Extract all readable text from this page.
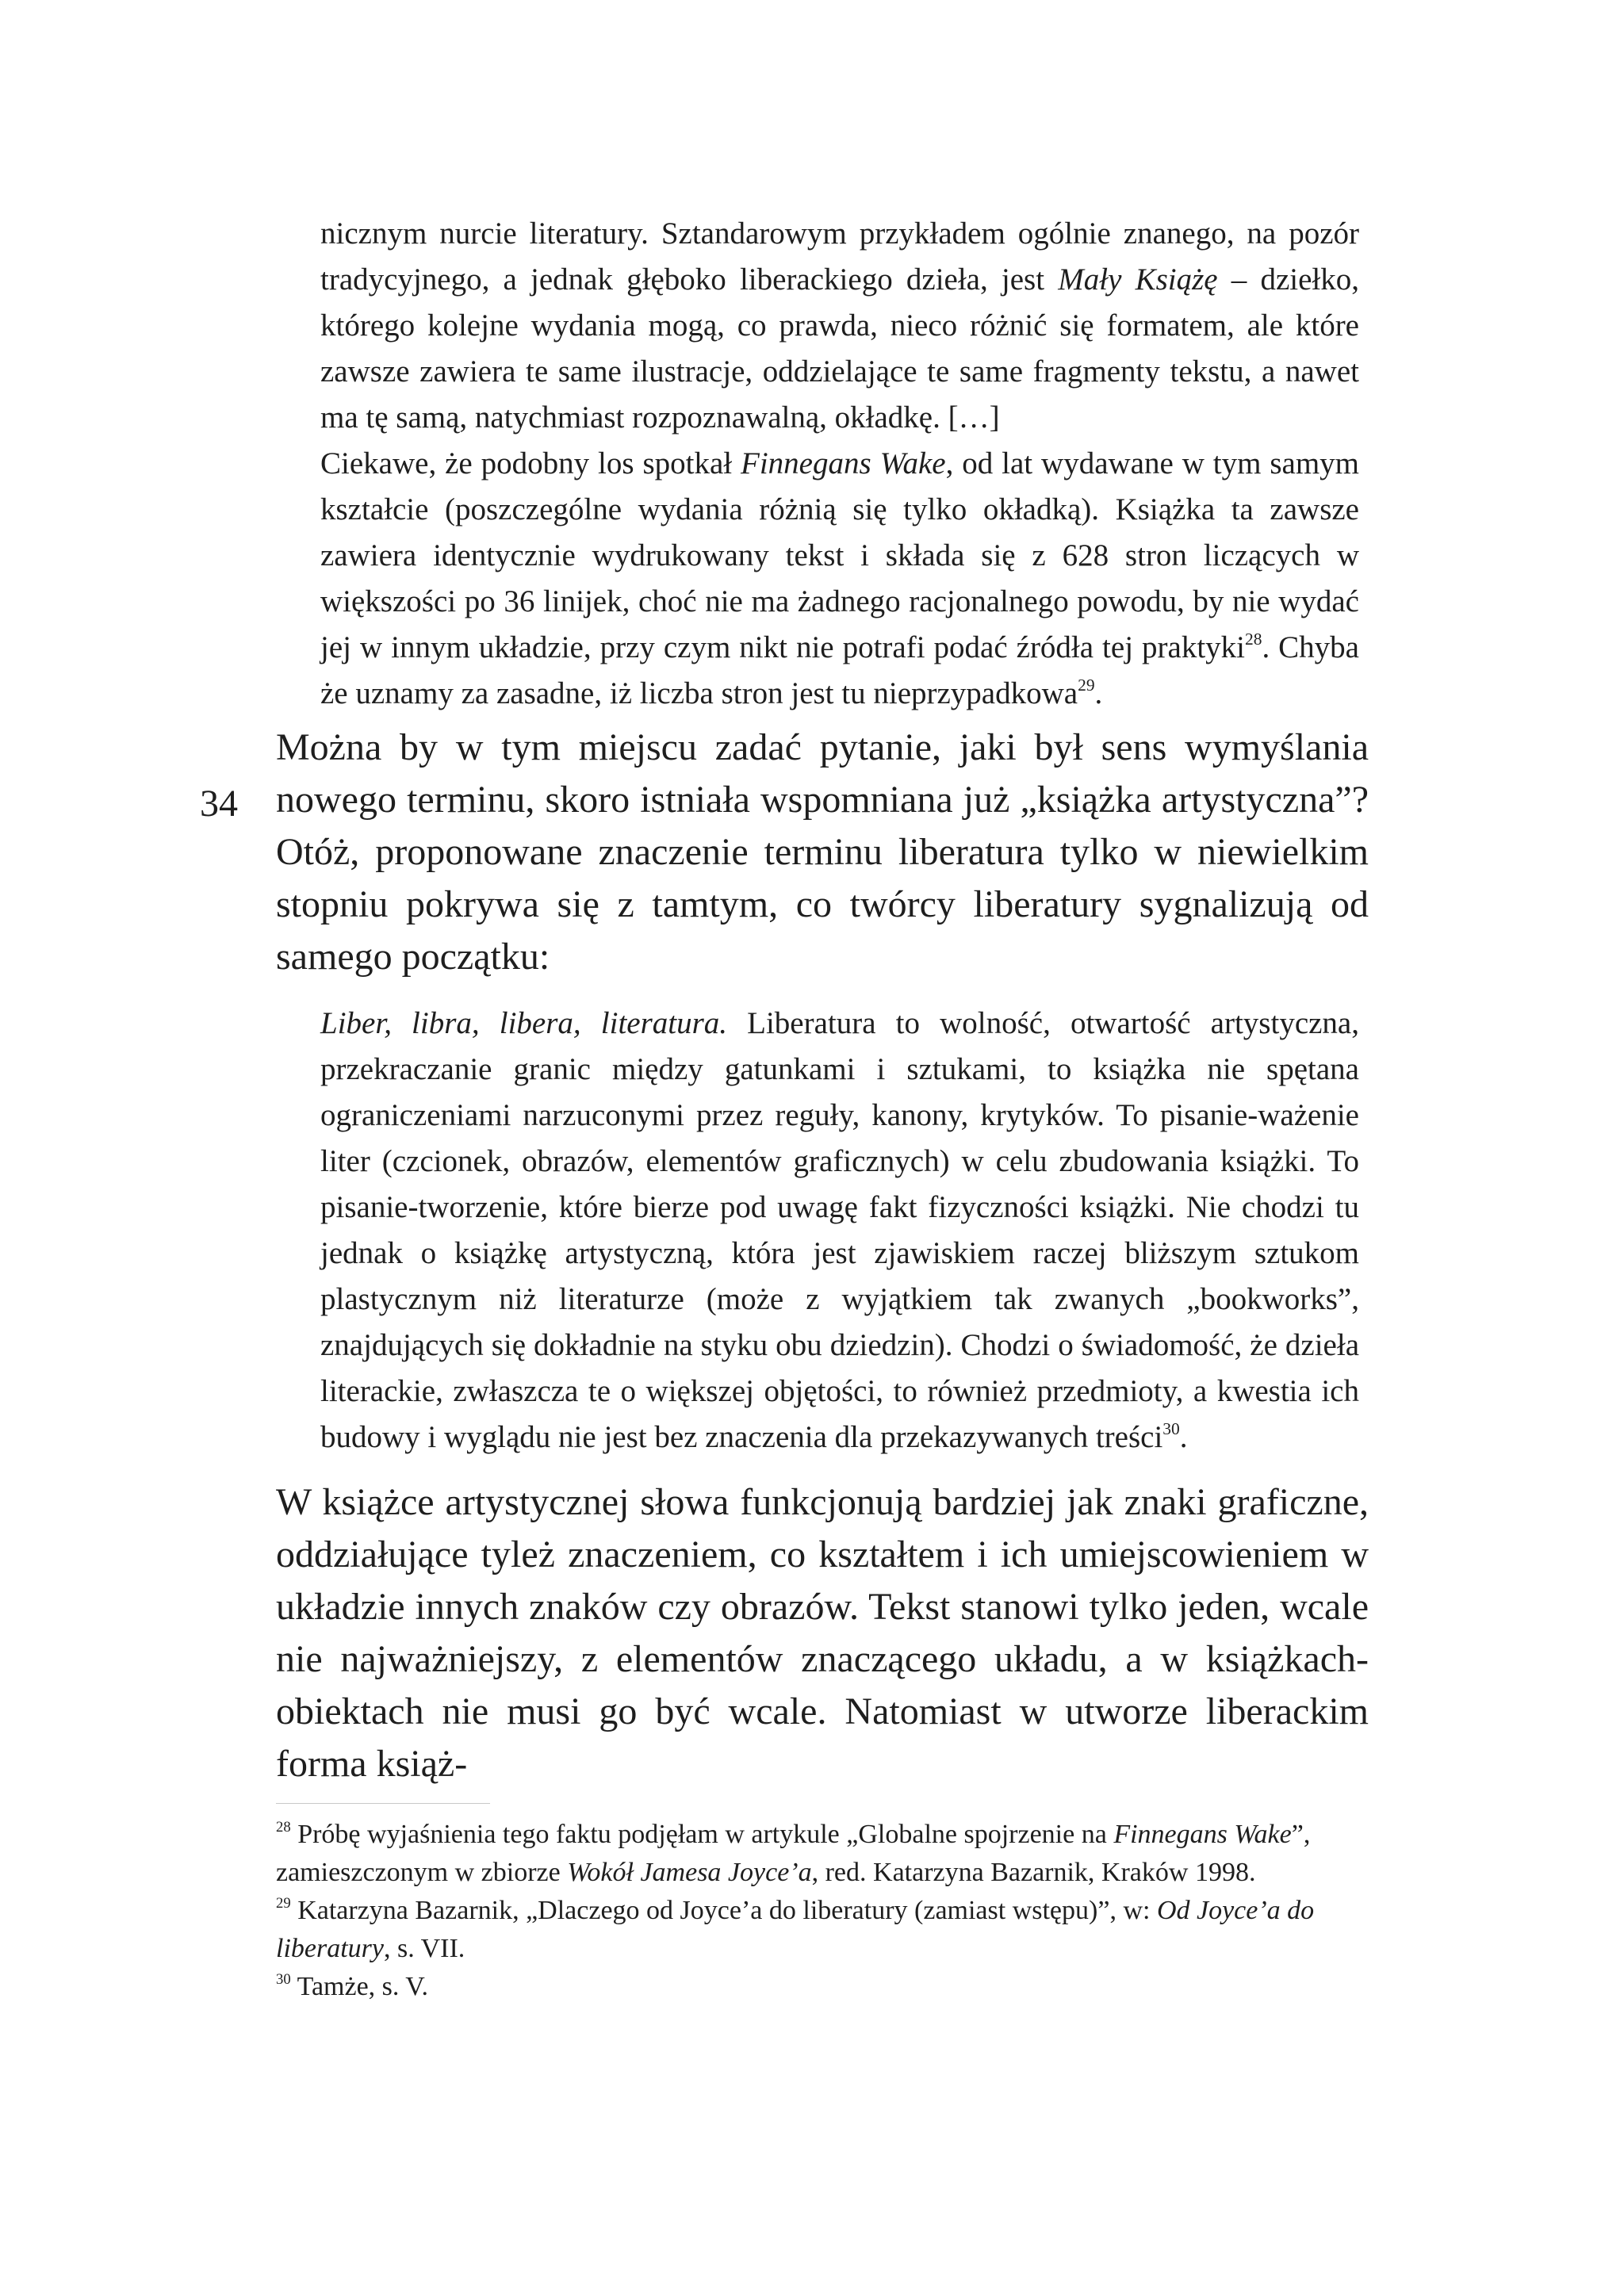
nicznym nurcie literatury. Sztandarowym przykładem ogólnie znanego, na pozór tradycyjnego, a jednak głęboko liberackiego dzieła, jest Mały Książę – dziełko, którego kolejne wydania mogą, co prawda, nieco różnić się formatem, ale które zawsze zawiera te same ilustracje, oddzielające te same fragmenty tekstu, a nawet ma tę samą, natychmiast rozpoznawalną, okładkę. […]
Ciekawe, że podobny los spotkał Finnegans Wake, od lat wydawane w tym samym kształcie (poszczególne wydania różnią się tylko okładką). Książka ta zawsze zawiera identycznie wydrukowany tekst i składa się z 628 stron liczących w większości po 36 linijek, choć nie ma żadnego racjonalnego powodu, by nie wydać jej w innym układzie, przy czym nikt nie potrafi podać źródła tej praktyki$^{28}$. Chyba że uznamy za zasadne, iż liczba stron jest tu nieprzypadkowa$^{29}$.

34

Można by w tym miejscu zadać pytanie, jaki był sens wymyślania nowego terminu, skoro istniała wspomniana już „książka artystyczna”? Otóż, proponowane znaczenie terminu liberatura tylko w niewielkim stopniu pokrywa się z tamtym, co twórcy liberatury sygnalizują od samego początku:

Liber, libra, libera, literatura. Liberatura to wolność, otwartość artystyczna, przekraczanie granic między gatunkami i sztukami, to książka nie spętana ograniczeniami narzuconymi przez reguły, kanony, krytyków. To pisanie-ważenie liter (czcionek, obrazów, elementów graficznych) w celu zbudowania książki. To pisanie-tworzenie, które bierze pod uwagę fakt fizyczności książki. Nie chodzi tu jednak o książkę artystyczną, która jest zjawiskiem raczej bliższym sztukom plastycznym niż literaturze (może z wyjątkiem tak zwanych „bookworks”, znajdujących się dokładnie na styku obu dziedzin). Chodzi o świadomość, że dzieła literackie, zwłaszcza te o większej objętości, to również przedmioty, a kwestia ich budowy i wyglądu nie jest bez znaczenia dla przekazywanych treści$^{30}$.

W książce artystycznej słowa funkcjonują bardziej jak znaki graficzne, oddziałujące tyleż znaczeniem, co kształtem i ich umiejscowieniem w układzie innych znaków czy obrazów. Tekst stanowi tylko jeden, wcale nie najważniejszy, z elementów znaczącego układu, a w książkach-obiektach nie musi go być wcale. Natomiast w utworze liberackim forma książ-

$^{28}$ Próbę wyjaśnienia tego faktu podjęłam w artykule „Globalne spojrzenie na Finnegans Wake”, zamieszczonym w zbiorze Wokół Jamesa Joyce’a, red. Katarzyna Bazarnik, Kraków 1998.

$^{29}$ Katarzyna Bazarnik, „Dlaczego od Joyce’a do liberatury (zamiast wstępu)”, w: Od Joyce’a do liberatury, s. VII.

$^{30}$ Tamże, s. V.
